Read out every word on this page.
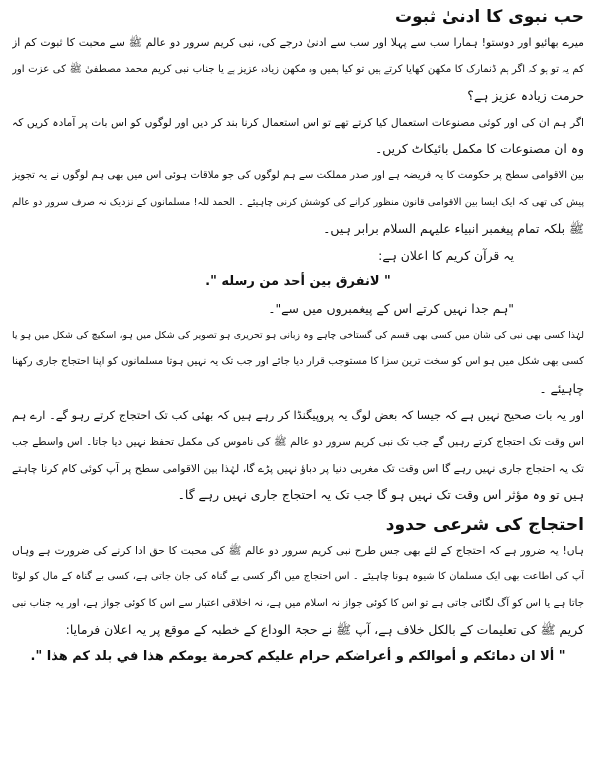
حب نبوی کا ادنیٰ ثبوت
میرے بھائیو اور دوستو! ہمارا سب سے پہلا اور سب سے ادنیٰ درجے کی، نبی کریم سرور دو عالم ﷺ سے محبت کا ثبوت کم از
کم یہ تو ہو کہ اگر ہم ڈنمارک کا مکھن کھایا کرتے ہیں تو کیا ہمیں وہ مکھن زیادہ عزیز ہے یا جناب نبی کریم محمد مصطفیٰ ﷺ کی عزت اور
حرمت زیادہ عزیز ہے؟
اگر ہم ان کی اور کوئی مصنوعات استعمال کیا کرتے تھے تو اس استعمال کرنا بند کر دیں اور لوگوں کو اس بات پر آمادہ کریں کہ
وہ ان مصنوعات کا مکمل بائیکاٹ کریں۔
بین الاقوامی سطح پر حکومت کا یہ فریضہ ہے اور صدر مملکت سے ہم لوگوں کی جو ملاقات ہوئی اس میں بھی ہم لوگوں نے یہ تجویز
پیش کی تھی کہ ایک ایسا بین الاقوامی قانون منظور کرانے کی کوشش کرنی چاہیئے ۔ الحمد للہ! مسلمانوں کے نزدیک نہ صرف سرور دو عالم
ﷺ بلکہ تمام پیغمبر انبیاء علیہم السلام برابر ہیں۔
یہ قرآن کریم کا اعلان ہے:
" لانفرق بین أحد من رسله ".
"ہم جدا نہیں کرتے اس کے پیغمبروں میں سے"۔
لہٰذا کسی بھی نبی کی شان میں کسی بھی قسم کی گستاخی چاہے وہ زبانی ہو تحریری ہو تصویر کی شکل میں ہو، اسکیچ کی شکل میں ہو یا
کسی بھی شکل میں ہو اس کو سخت ترین سزا کا مستوجب قرار دیا جائے اور جب تک یہ نہیں ہوتا مسلمانوں کو اپنا احتجاج جاری رکھنا
چاہیئے ۔
اور یہ بات صحیح نہیں ہے کہ جیسا کہ بعض لوگ یہ پروپیگنڈا کر رہے ہیں کہ بھئی کب تک احتجاج کرتے رہو گے۔ ارے ہم
اس وقت تک احتجاج کرتے رہیں گے جب تک نبی کریم سرور دو عالم ﷺ کی ناموس کی مکمل تحفظ نہیں دیا جاتا۔ اس واسطے جب
تک یہ احتجاج جاری نہیں رہے گا اس وقت تک مغربی دنیا پر دباؤ نہیں پڑے گا، لہٰذا بین الاقوامی سطح پر آپ کوئی کام کرنا چاہتے
ہیں تو وہ مؤثر اس وقت تک نہیں ہو گا جب تک یہ احتجاج جاری نہیں رہے گا۔
احتجاج کی شرعی حدود
ہاں! یہ ضرور ہے کہ احتجاج کے لئے بھی جس طرح نبی کریم سرور دو عالم ﷺ کی محبت کا حق ادا کرنے کی ضرورت ہے وہاں
آپ کی اطاعت بھی ایک مسلمان کا شیوہ ہونا چاہیئے ۔ اس احتجاج میں اگر کسی بے گناہ کی جان جاتی ہے، کسی بے گناہ کے مال کو لوٹا
جاتا ہے یا اس کو آگ لگائی جاتی ہے تو اس کا کوئی جواز نہ اسلام میں ہے، نہ اخلاقی اعتبار سے اس کا کوئی جواز ہے، اور یہ جناب نبی
کریم ﷺ کی تعلیمات کے بالکل خلاف ہے، آپ ﷺ نے حجۃ الوداع کے خطبہ کے موقع پر یہ اعلان فرمایا:
" ألا ان دمائكم و أموالكم و أعراضكم حرام عليكم كحرمة يومكم هذا في بلد كم هذا ".
